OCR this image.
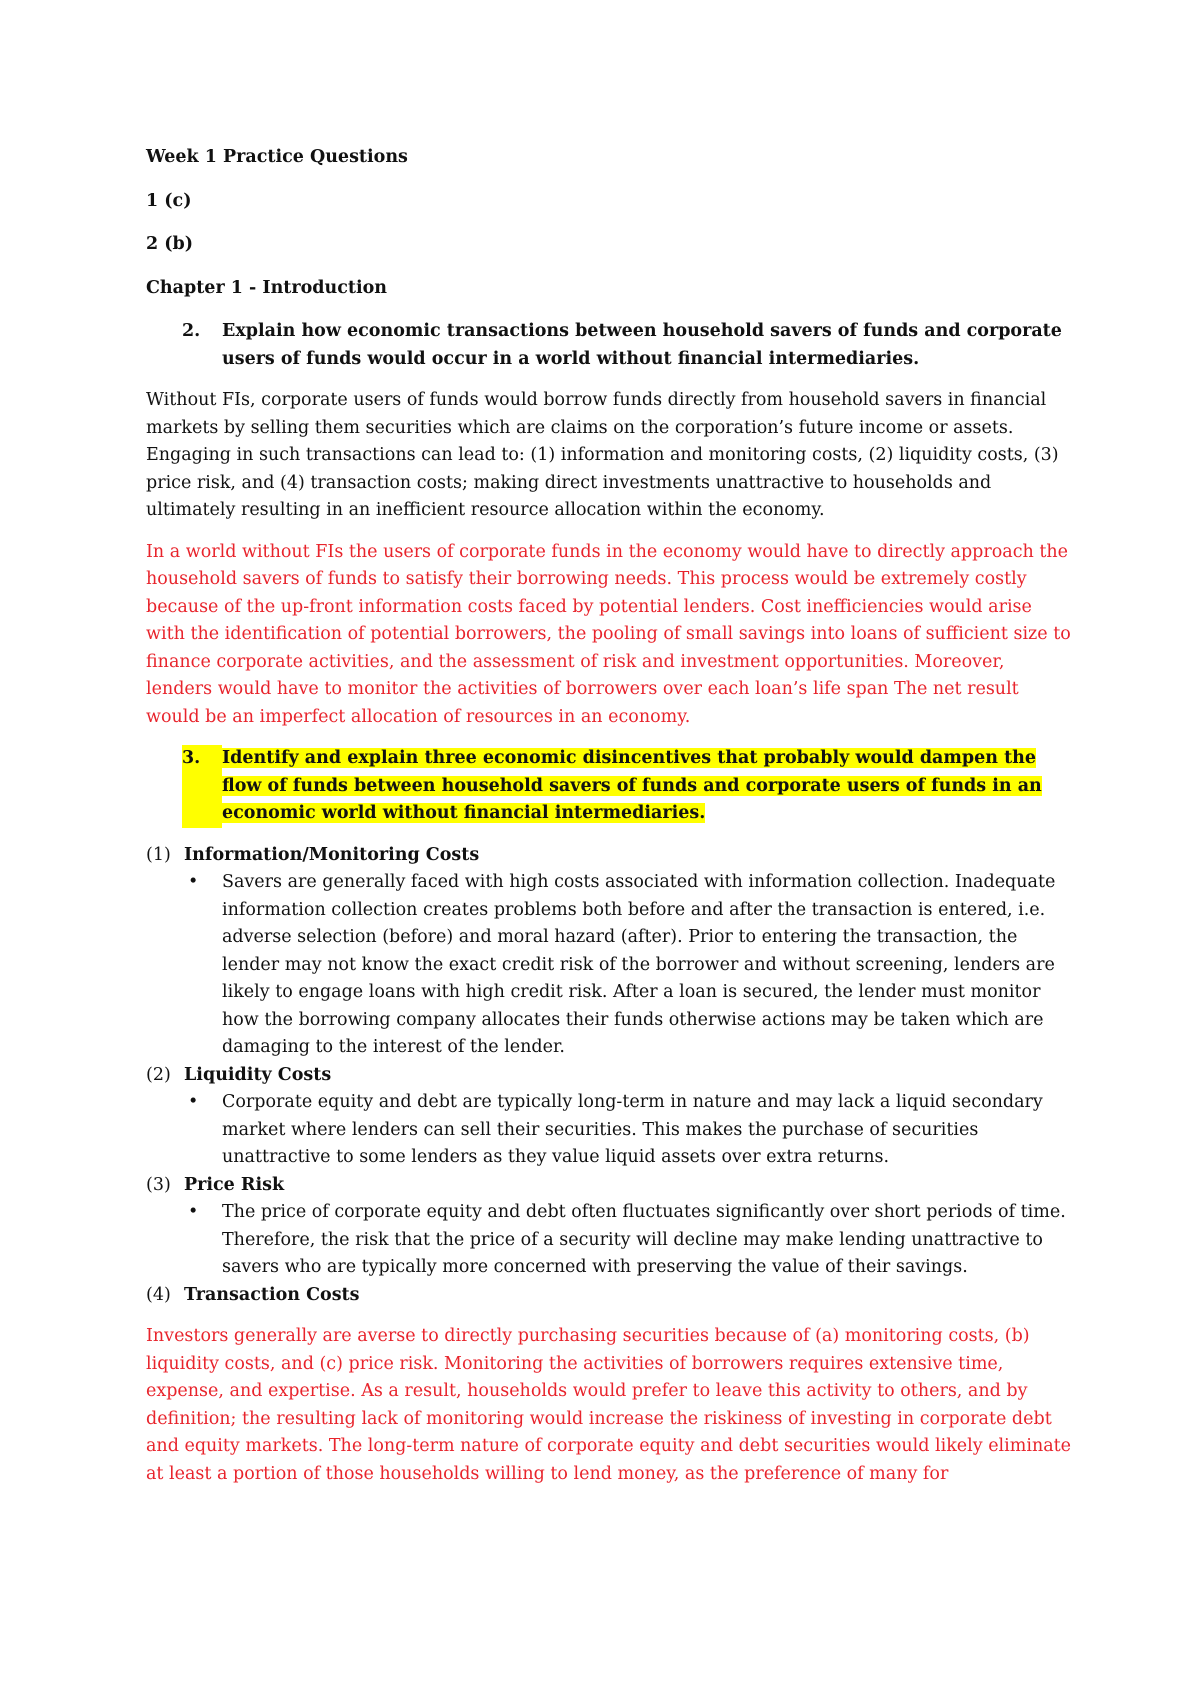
Week 1 Practice Questions

1 (c)

2 (b)

Chapter 1 - Introduction

2.	Explain how economic transactions between household savers of funds and corporate users of funds would occur in a world without financial intermediaries.

Without FIs, corporate users of funds would borrow funds directly from household savers in financial markets by selling them securities which are claims on the corporation’s future income or assets. Engaging in such transactions can lead to: (1) information and monitoring costs, (2) liquidity costs, (3) price risk, and (4) transaction costs; making direct investments unattractive to households and ultimately resulting in an inefficient resource allocation within the economy.

In a world without FIs the users of corporate funds in the economy would have to directly approach the household savers of funds to satisfy their borrowing needs. This process would be extremely costly because of the up-front information costs faced by potential lenders. Cost inefficiencies would arise with the identification of potential borrowers, the pooling of small savings into loans of sufficient size to finance corporate activities, and the assessment of risk and investment opportunities. Moreover, lenders would have to monitor the activities of borrowers over each loan’s life span The net result would be an imperfect allocation of resources in an economy.

3.	Identify and explain three economic disincentives that probably would dampen the flow of funds between household savers of funds and corporate users of funds in an economic world without financial intermediaries.
(1) Information/Monitoring Costs
•
Savers are generally faced with high costs associated with information collection. Inadequate information collection creates problems both before and after the transaction is entered, i.e. adverse selection (before) and moral hazard (after). Prior to entering the transaction, the lender may not know the exact credit risk of the borrower and without screening, lenders are likely to engage loans with high credit risk. After a loan is secured, the lender must monitor how the borrowing company allocates their funds otherwise actions may be taken which are damaging to the interest of the lender.
(2) Liquidity Costs
•
Corporate equity and debt are typically long-term in nature and may lack a liquid secondary market where lenders can sell their securities. This makes the purchase of securities unattractive to some lenders as they value liquid assets over extra returns.
(3) Price Risk
•
The price of corporate equity and debt often fluctuates significantly over short periods of time. Therefore, the risk that the price of a security will decline may make lending unattractive to savers who are typically more concerned with preserving the value of their savings.
(4) Transaction Costs

Investors generally are averse to directly purchasing securities because of (a) monitoring costs, (b) liquidity costs, and (c) price risk. Monitoring the activities of borrowers requires extensive time, expense, and expertise. As a result, households would prefer to leave this activity to others, and by definition; the resulting lack of monitoring would increase the riskiness of investing in corporate debt and equity markets. The long-term nature of corporate equity and debt securities would likely eliminate at least a portion of those households willing to lend money, as the preference of many for
